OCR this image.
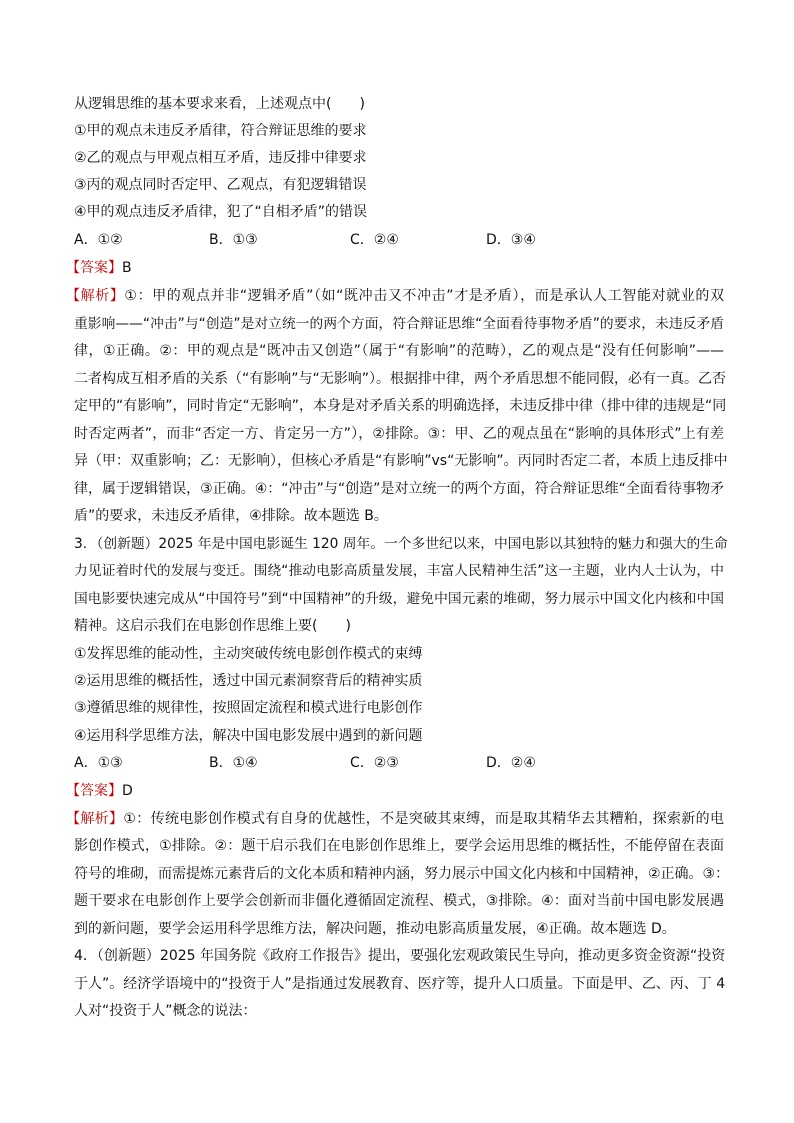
从逻辑思维的基本要求来看，上述观点中(　　)
①甲的观点未违反矛盾律，符合辩证思维的要求
②乙的观点与甲观点相互矛盾，违反排中律要求
③丙的观点同时否定甲、乙观点，有犯逻辑错误
④甲的观点违反矛盾律，犯了“自相矛盾”的错误
A．①②	B．①③	C．②④	D．③④
【答案】B
【解析】①：甲的观点并非“逻辑矛盾”（如“既冲击又不冲击”才是矛盾），而是承认人工智能对就业的双
重影响——“冲击”与“创造”是对立统一的两个方面，符合辩证思维“全面看待事物矛盾”的要求，未违反矛盾
律，①正确。②：甲的观点是“既冲击又创造”（属于“有影响”的范畴），乙的观点是“没有任何影响”——
二者构成互相矛盾的关系（“有影响”与“无影响”）。根据排中律，两个矛盾思想不能同假，必有一真。乙否
定甲的“有影响”，同时肯定“无影响”，本身是对矛盾关系的明确选择，未违反排中律（排中律的违规是“同
时否定两者”，而非“否定一方、肯定另一方”），②排除。③：甲、乙的观点虽在“影响的具体形式”上有差
异（甲：双重影响；乙：无影响），但核心矛盾是“有影响”vs“无影响”。丙同时否定二者，本质上违反排中
律，属于逻辑错误，③正确。④：“冲击”与“创造”是对立统一的两个方面，符合辩证思维“全面看待事物矛
盾”的要求，未违反矛盾律，④排除。故本题选 B。
3．（创新题）2025 年是中国电影诞生 120 周年。一个多世纪以来，中国电影以其独特的魅力和强大的生命
力见证着时代的发展与变迁。围绕“推动电影高质量发展，丰富人民精神生活”这一主题，业内人士认为，中
国电影要快速完成从“中国符号”到“中国精神”的升级，避免中国元素的堆砌，努力展示中国文化内核和中国
精神。这启示我们在电影创作思维上要(　　)
①发挥思维的能动性，主动突破传统电影创作模式的束缚
②运用思维的概括性，透过中国元素洞察背后的精神实质
③遵循思维的规律性，按照固定流程和模式进行电影创作
④运用科学思维方法，解决中国电影发展中遇到的新问题
A．①③	B．①④	C．②③	D．②④
【答案】D
【解析】①：传统电影创作模式有自身的优越性，不是突破其束缚，而是取其精华去其糟粕，探索新的电
影创作模式，①排除。②：题干启示我们在电影创作思维上，要学会运用思维的概括性，不能停留在表面
符号的堆砌，而需提炼元素背后的文化本质和精神内涵，努力展示中国文化内核和中国精神，②正确。③：
题干要求在电影创作上要学会创新而非僵化遵循固定流程、模式，③排除。④：面对当前中国电影发展遇
到的新问题，要学会运用科学思维方法，解决问题，推动电影高质量发展，④正确。故本题选 D。
4．（创新题）2025 年国务院《政府工作报告》提出，要强化宏观政策民生导向，推动更多资金资源“投资
于人”。经济学语境中的“投资于人”是指通过发展教育、医疗等，提升人口质量。下面是甲、乙、丙、丁 4
人对“投资于人”概念的说法：
